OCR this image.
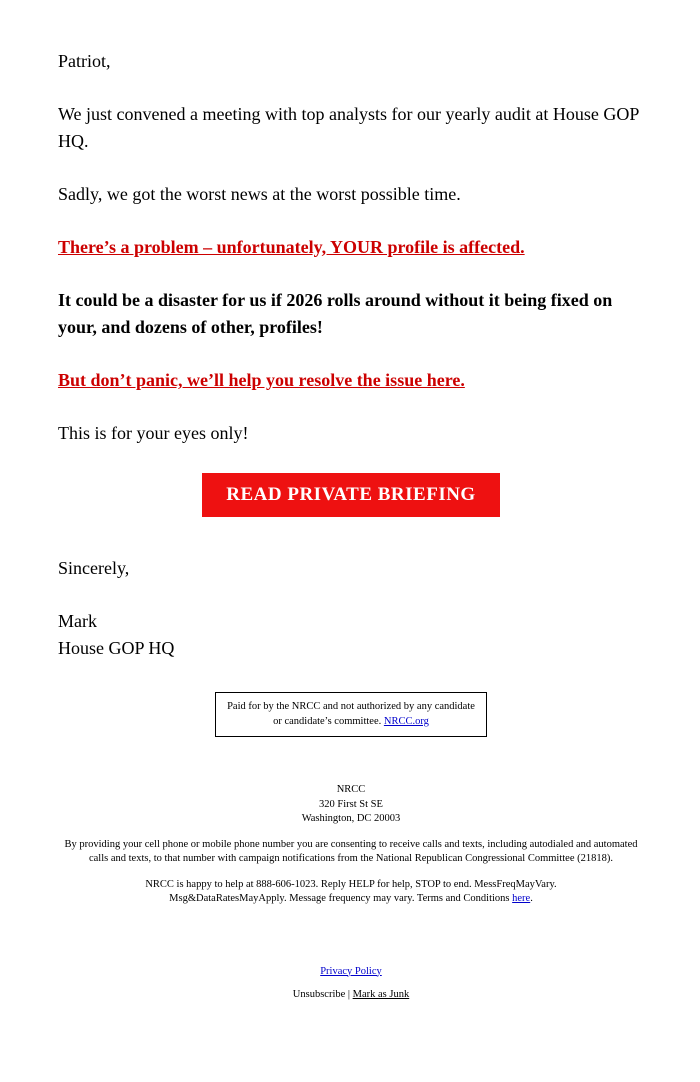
Patriot,

We just convened a meeting with top analysts for our yearly audit at House GOP HQ.

Sadly, we got the worst news at the worst possible time.

There’s a problem – unfortunately, YOUR profile is affected.

It could be a disaster for us if 2026 rolls around without it being fixed on your, and dozens of other, profiles!

But don’t panic, we’ll help you resolve the issue here.

This is for your eyes only!

READ PRIVATE BRIEFING

Sincerely,

Mark
House GOP HQ

Paid for by the NRCC and not authorized by any candidate or candidate’s committee. NRCC.org
NRCC
320 First St SE
Washington, DC 20003
By providing your cell phone or mobile phone number you are consenting to receive calls and texts, including autodialed and automated calls and texts, to that number with campaign notifications from the National Republican Congressional Committee (21818).
NRCC is happy to help at 888-606-1023. Reply HELP for help, STOP to end. MessFreqMayVary. Msg&DataRatesMayApply. Message frequency may vary. Terms and Conditions here.
Privacy Policy
Unsubscribe | Mark as Junk
